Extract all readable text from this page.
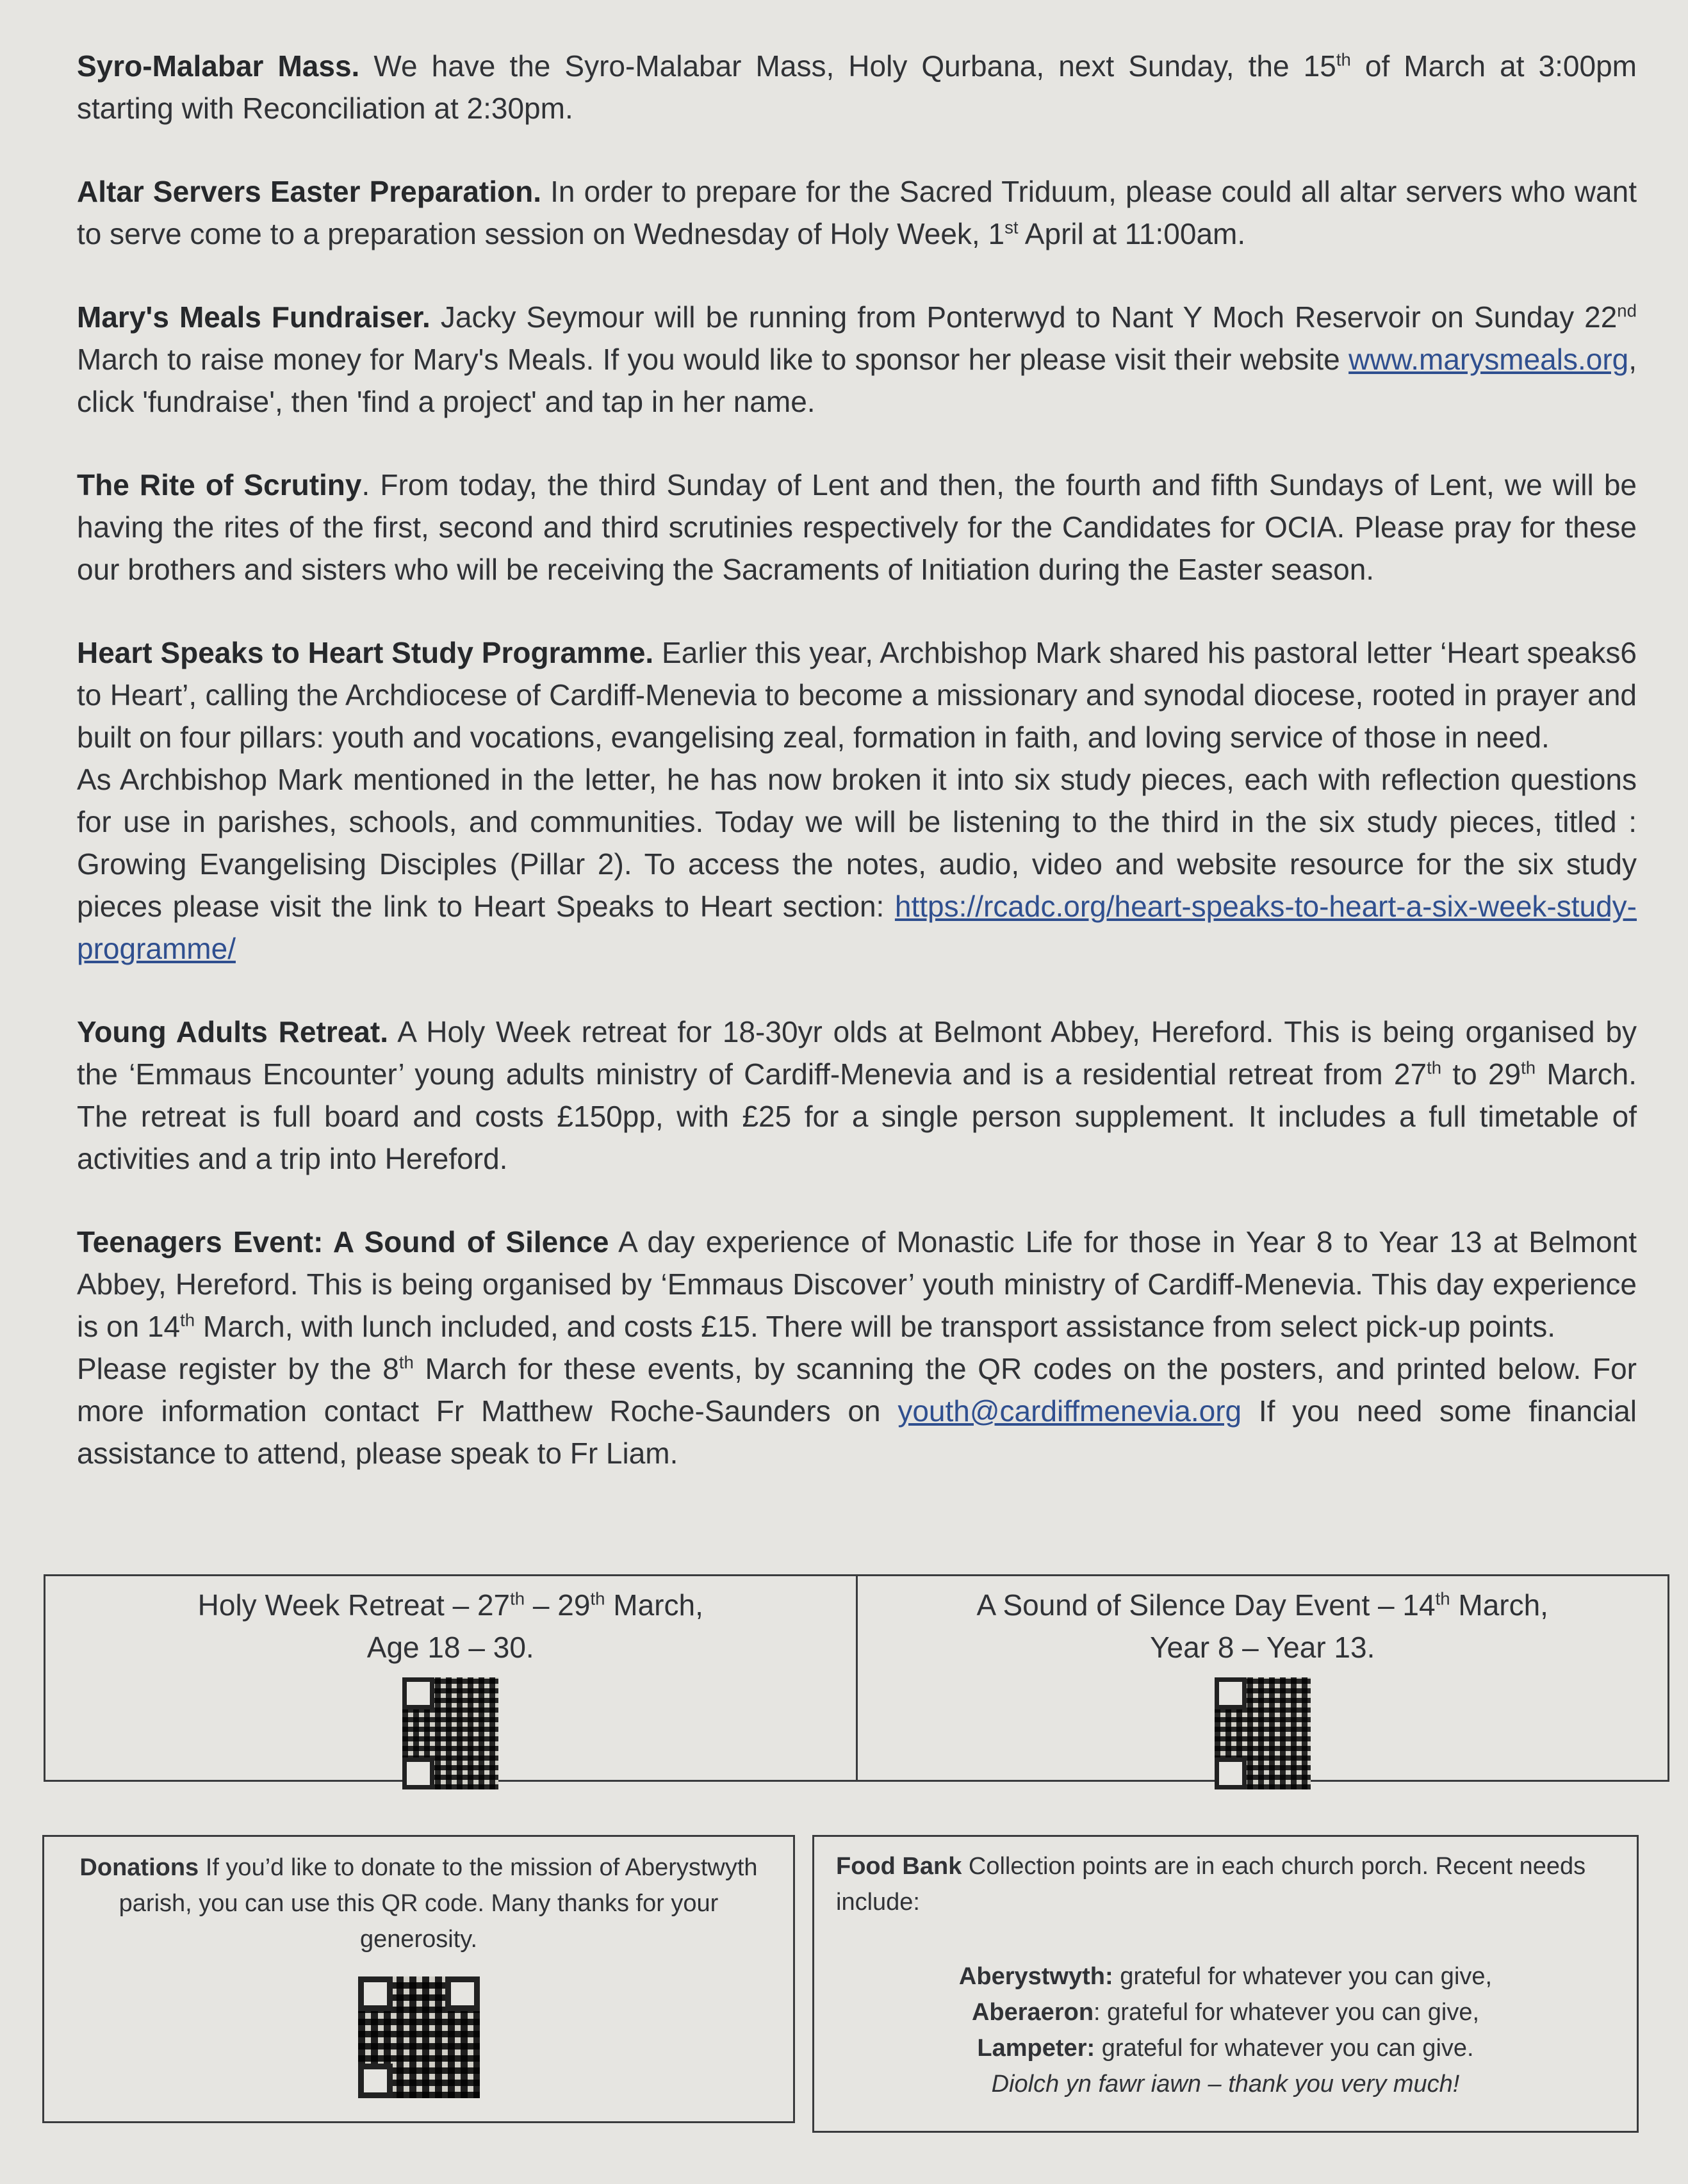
Syro-Malabar Mass. We have the Syro-Malabar Mass, Holy Qurbana, next Sunday, the 15th of March at 3:00pm starting with Reconciliation at 2:30pm.

Altar Servers Easter Preparation. In order to prepare for the Sacred Triduum, please could all altar servers who want to serve come to a preparation session on Wednesday of Holy Week, 1st April at 11:00am.

Mary's Meals Fundraiser. Jacky Seymour will be running from Ponterwyd to Nant Y Moch Reservoir on Sunday 22nd March to raise money for Mary's Meals. If you would like to sponsor her please visit their website www.marysmeals.org, click 'fundraise', then 'find a project' and tap in her name.

The Rite of Scrutiny. From today, the third Sunday of Lent and then, the fourth and fifth Sundays of Lent, we will be having the rites of the first, second and third scrutinies respectively for the Candidates for OCIA. Please pray for these our brothers and sisters who will be receiving the Sacraments of Initiation during the Easter season.

Heart Speaks to Heart Study Programme. Earlier this year, Archbishop Mark shared his pastoral letter ‘Heart speaks6 to Heart’, calling the Archdiocese of Cardiff-Menevia to become a missionary and synodal diocese, rooted in prayer and built on four pillars: youth and vocations, evangelising zeal, formation in faith, and loving service of those in need.

As Archbishop Mark mentioned in the letter, he has now broken it into six study pieces, each with reflection questions for use in parishes, schools, and communities. Today we will be listening to the third in the six study pieces, titled : Growing Evangelising Disciples (Pillar 2). To access the notes, audio, video and website resource for the six study pieces please visit the link to Heart Speaks to Heart section: https://rcadc.org/heart-speaks-to-heart-a-six-week-study-programme/

Young Adults Retreat. A Holy Week retreat for 18-30yr olds at Belmont Abbey, Hereford. This is being organised by the ‘Emmaus Encounter’ young adults ministry of Cardiff-Menevia and is a residential retreat from 27th to 29th March. The retreat is full board and costs £150pp, with £25 for a single person supplement. It includes a full timetable of activities and a trip into Hereford.

Teenagers Event: A Sound of Silence A day experience of Monastic Life for those in Year 8 to Year 13 at Belmont Abbey, Hereford. This is being organised by ‘Emmaus Discover’ youth ministry of Cardiff-Menevia. This day experience is on 14th March, with lunch included, and costs £15. There will be transport assistance from select pick-up points.

Please register by the 8th March for these events, by scanning the QR codes on the posters, and printed below. For more information contact Fr Matthew Roche-Saunders on youth@cardiffmenevia.org If you need some financial assistance to attend, please speak to Fr Liam.

Holy Week Retreat – 27th – 29th March,
Age 18 – 30.
A Sound of Silence Day Event – 14th March,
Year 8 – Year 13.
Donations If you’d like to donate to the mission of Aberystwyth parish, you can use this QR code. Many thanks for your generosity.
Food Bank Collection points are in each church porch. Recent needs include:
Aberystwyth: grateful for whatever you can give,
Aberaeron: grateful for whatever you can give,
Lampeter: grateful for whatever you can give.
Diolch yn fawr iawn – thank you very much!
